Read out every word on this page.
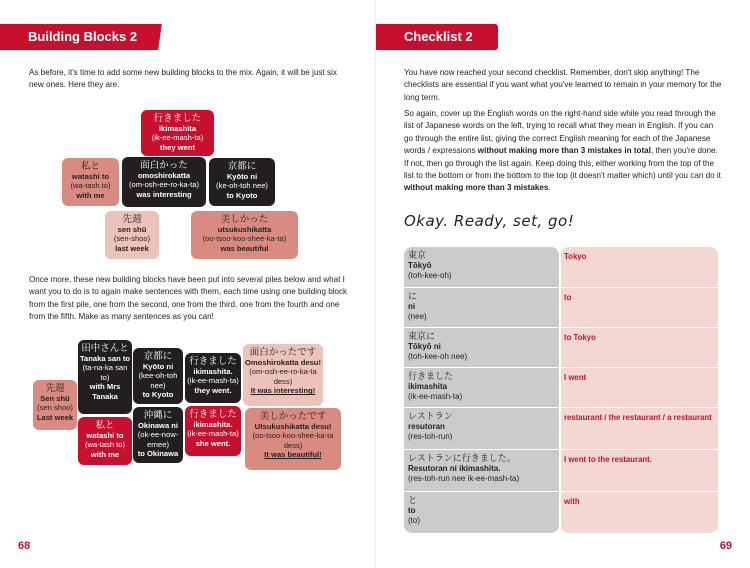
Building Blocks 2
As before, it's time to add some new building blocks to the mix. Again, it will be just six new ones. Here they are:
行きました
ikimashita
(ik-ee-mash-ta)
they went
私と
watashi to
(wa-tash to)
with me
面白かった
omoshirokatta
(om-osh-ee-ro-ka-ta)
was interesting
京都に
Kyōto ni
(ke-oh-toh nee)
to Kyoto
先週
sen shū
(sen-shoo)
last week
美しかった
utsukushikatta
(oo-tsoo-koo-shee-ka-ta)
was beautiful
Once more, these new building blocks have been put into several piles below and what I want you to do is to again make sentences with them, each time using one building block from the first pile, one from the second, one from the third, one from the fourth and one from the fifth. Make as many sentences as you can!
先週
Sen shū
(sen shoo)
Last week
田中さんと
Tanaka san to
(ta-na-ka san to)
with Mrs Tanaka
私と
watashi to
(wa-tash to)
with me
京都に
Kyōto ni
(kee-oh-toh nee)
to Kyoto
沖縄に
Okinawa ni
(ok-ee-now-ernee)
to Okinawa
行きました
ikimashita.
(ik-ee-mash-ta)
they went.
行きました
ikimashita.
(ik-ee-mash-ta)
she went.
面白かったです
Omoshirokatta desu!
(om-osh-ee-ro-ka-ta dess)
It was interesting!
美しかったです
Utsukushikatta desu!
(oo-tsoo-koo-shee-ka-ta dess)
It was beautiful!
68
Checklist 2
You have now reached your second checklist. Remember, don't skip anything! The checklists are essential if you want what you've learned to remain in your memory for the long term.
So again, cover up the English words on the right-hand side while you read through the list of Japanese words on the left, trying to recall what they mean in English. If you can go through the entire list, giving the correct English meaning for each of the Japanese words / expressions without making more than 3 mistakes in total, then you're done. If not, then go through the list again. Keep doing this, either working from the top of the list to the bottom or from the bottom to the top (it doesn't matter which) until you can do it without making more than 3 mistakes.
Okay. Ready, set, go!
東京
Tōkyō
(toh-kee-oh)
Tokyo
に
ni
(nee)
to
東京に
Tōkyō ni
(toh-kee-oh nee)
to Tokyo
行きました
ikimashita
(ik-ee-mash-ta)
I went
レストラン
resutoran
(res-toh-run)
restaurant / the restaurant / a restaurant
レストランに行きました。
Resutoran ni ikimashita.
(res-toh-run nee ik-ee-mash-ta)
I went to the restaurant.
と
to
(to)
with
69
